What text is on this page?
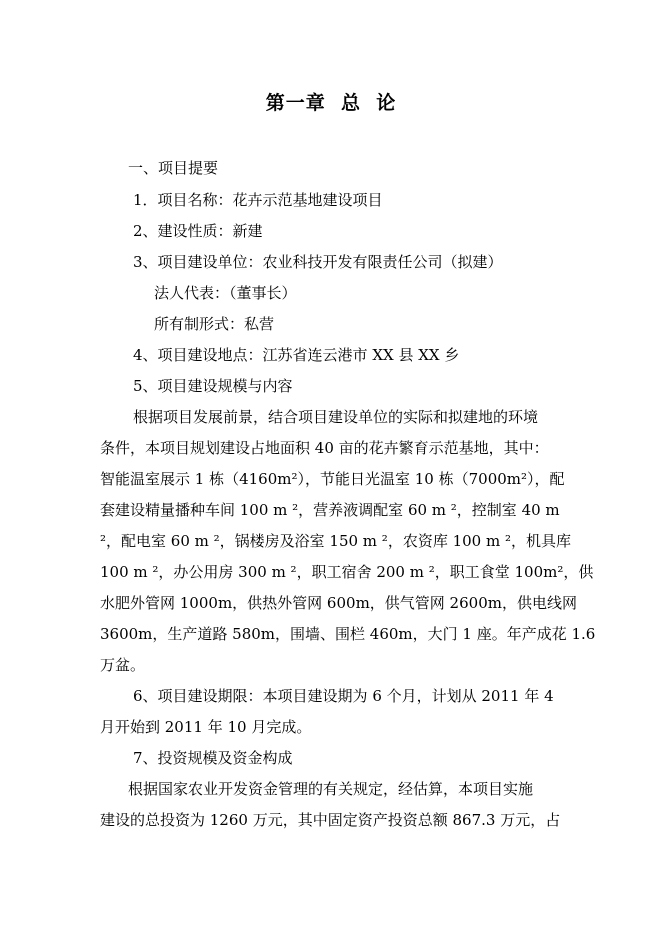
第一章  总  论
一、项目提要
1．项目名称：花卉示范基地建设项目
2、建设性质：新建
3、项目建设单位：农业科技开发有限责任公司（拟建）
法人代表：（董事长）
所有制形式：私营
4、项目建设地点：江苏省连云港市 XX 县 XX 乡
5、项目建设规模与内容
根据项目发展前景，结合项目建设单位的实际和拟建地的环境
条件，本项目规划建设占地面积 40 亩的花卉繁育示范基地，其中：
智能温室展示 1 栋（4160m²），节能日光温室 10 栋（7000m²），配
套建设精量播种车间 100 m ²，营养液调配室 60 m ²，控制室 40 m
²，配电室 60 m ²，锅楼房及浴室 150 m ²，农资库 100 m ²，机具库
100 m ²，办公用房 300 m ²，职工宿舍 200 m ²，职工食堂 100m²，供
水肥外管网 1000m，供热外管网 600m，供气管网 2600m，供电线网
3600m，生产道路 580m，围墙、围栏 460m，大门 1 座。年产成花 1.6
万盆。
6、项目建设期限：本项目建设期为 6 个月，计划从 2011 年 4
月开始到 2011 年 10 月完成。
7、投资规模及资金构成
根据国家农业开发资金管理的有关规定，经估算，本项目实施
建设的总投资为 1260 万元，其中固定资产投资总额 867.3 万元，占
